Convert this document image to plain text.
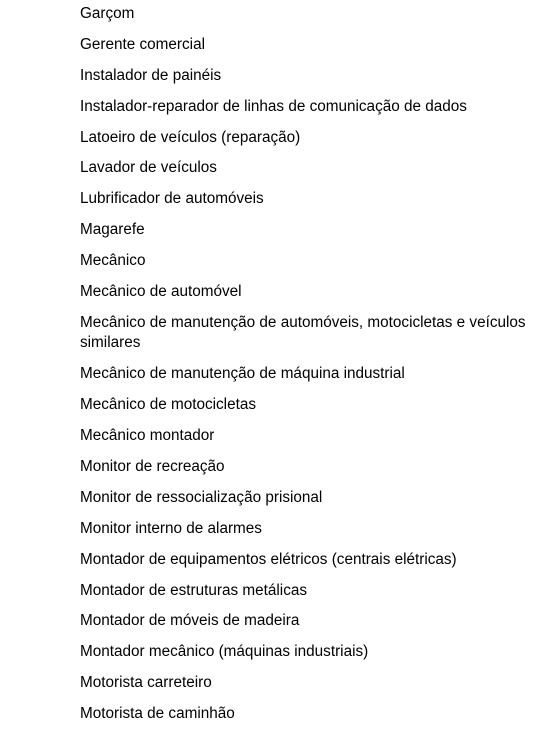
Garçom
Gerente comercial
Instalador de painéis
Instalador-reparador de linhas de comunicação de dados
Latoeiro de veículos (reparação)
Lavador de veículos
Lubrificador de automóveis
Magarefe
Mecânico
Mecânico de automóvel
Mecânico de manutenção de automóveis, motocicletas e veículos similares
Mecânico de manutenção de máquina industrial
Mecânico de motocicletas
Mecânico montador
Monitor de recreação
Monitor de ressocialização prisional
Monitor interno de alarmes
Montador de equipamentos elétricos (centrais elétricas)
Montador de estruturas metálicas
Montador de móveis de madeira
Montador mecânico (máquinas industriais)
Motorista carreteiro
Motorista de caminhão
